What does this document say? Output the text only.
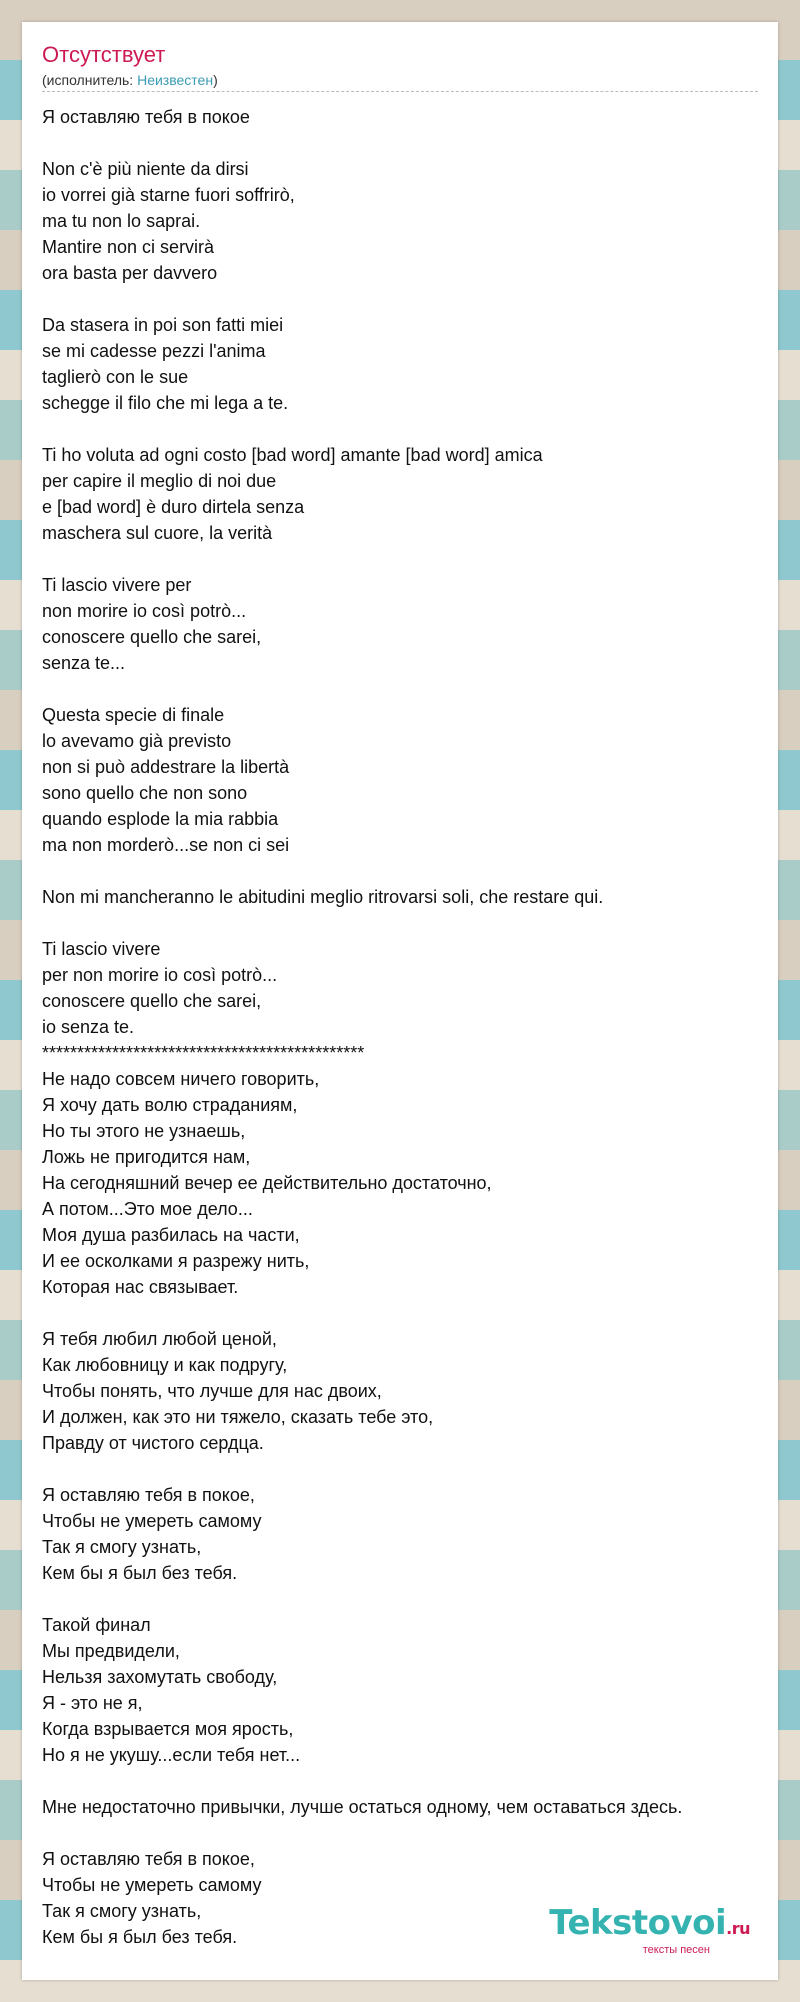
Отсутствует
(исполнитель: Неизвестен)
Я оставляю тебя в покое

Non c'è più niente da dirsi
io vorrei già starne fuori soffrirò,
ma tu non lo saprai.
Mantire non ci servirà
ora basta per davvero

Da stasera in poi son fatti miei
se mi cadesse pezzi l'anima
taglierò con le sue
schegge il filo che mi lega a te.

Ti ho voluta ad ogni costo [bad word] amante [bad word] amica
per capire il meglio di noi due
e [bad word] è duro dirtela senza
maschera sul cuore, la verità

Ti lascio vivere per
non morire io così potrò...
conoscere quello che sarei,
senza te...

Questa specie di finale
lo avevamo già previsto
non si può addestrare la libertà
sono quello che non sono
quando esplode la mia rabbia
ma non morderò...se non ci sei

Non mi mancheranno le abitudini meglio ritrovarsi soli, che restare qui.

Ti lascio vivere
per non morire io così potrò...
conoscere quello che sarei,
io senza te.
**********************************************
Не надо совсем ничего говорить,
Я хочу дать волю страданиям,
Но ты этого не узнаешь,
Ложь не пригодится нам,
На сегодняшний вечер ее действительно достаточно,
А потом...Это мое дело...
Моя душа разбилась на части,
И ее осколками я разрежу нить,
Которая нас связывает.

Я тебя любил любой ценой,
Как любовницу и как подругу,
Чтобы понять, что лучше для нас двоих,
И должен, как это ни тяжело, сказать тебе это,
Правду от чистого сердца.

Я оставляю тебя в покое,
Чтобы не умереть самому
Так я смогу узнать,
Кем бы я был без тебя.

Такой финал
Мы предвидели,
Нельзя захомутать свободу,
Я - это не я,
Когда взрывается моя ярость,
Но я не укушу...если тебя нет...

Мне недостаточно привычки, лучше остаться одному, чем оставаться здесь.

Я оставляю тебя в покое,
Чтобы не умереть самому
Так я смогу узнать,
Кем бы я был без тебя.	Tekstovoi.ru
тексты песен
